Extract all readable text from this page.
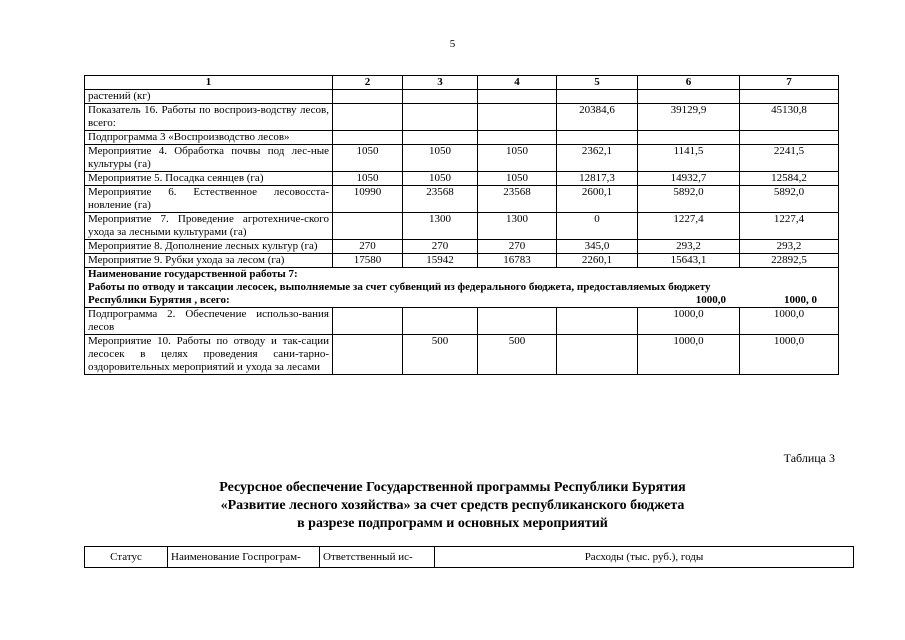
5
1	2	3	4	5	6	7
растений (кг)						
Показатель 16. Работы по воспроиз-водству лесов, всего:				20384,6	39129,9	45130,8
Подпрограмма 3 «Воспроизводство лесов»						
Мероприятие 4. Обработка почвы под лес-ные культуры (га)	1050	1050	1050	2362,1	1141,5	2241,5
Мероприятие 5. Посадка сеянцев (га)	1050	1050	1050	12817,3	14932,7	12584,2
Мероприятие 6. Естественное лесовосста-новление (га)	10990	23568	23568	2600,1	5892,0	5892,0
Мероприятие 7. Проведение агротехниче-ского ухода за лесными культурами (га)		1300	1300	0	1227,4	1227,4
Мероприятие 8. Дополнение лесных культур (га)	270	270	270	345,0	293,2	293,2
Мероприятие 9. Рубки ухода за лесом (га)	17580	15942	16783	2260,1	15643,1	22892,5

Наименование государственной работы 7:
Работы по отводу и таксации лесосек, выполняемые за счет субвенций из федерального бюджета, предоставляемых бюджету
Республики Бурятия , всего: 1000,0 1000, 0						

Подпрограмма 2. Обеспечение использо-вания лесов					1000,0	1000,0
Мероприятие 10. Работы по отводу и так-сации лесосек в целях проведения сани-тарно-оздоровительных мероприятий и ухода за лесами		500	500		1000,0	1000,0
Таблица 3
Ресурсное обеспечение Государственной программы Республики Бурятия
«Развитие лесного хозяйства» за счет средств республиканского бюджета
в разрезе подпрограмм и основных мероприятий
Статус	Наименование Госпрограм-	Ответственный ис-	Расходы (тыс. руб.), годы
